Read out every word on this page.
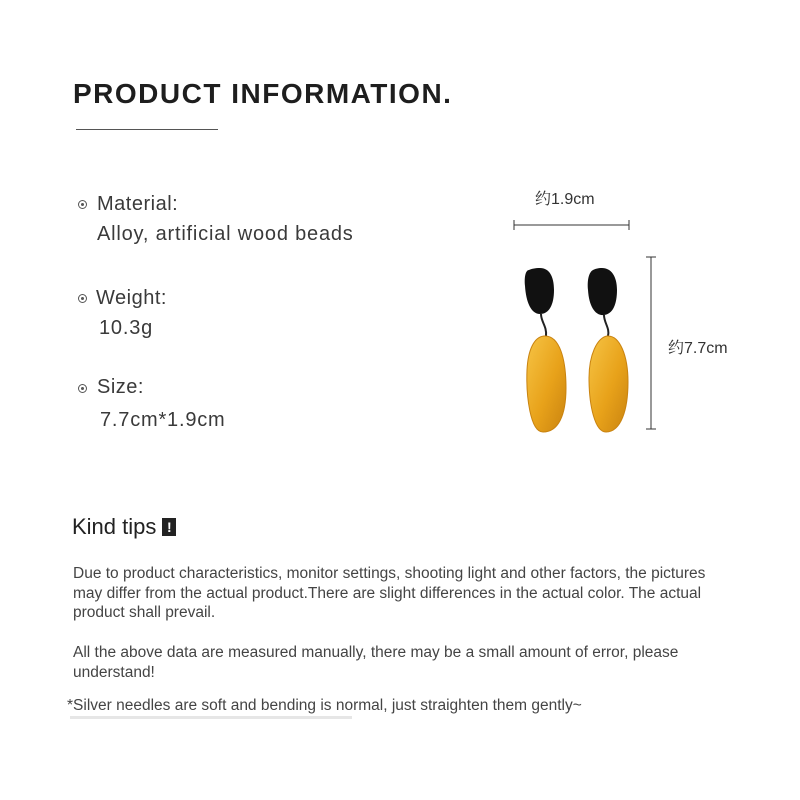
PRODUCT INFORMATION.
Material:
Alloy, artificial wood beads
Weight:
10.3g
Size:
7.7cm*1.9cm
约1.9cm
约7.7cm
Kind tips !
Due to product characteristics, monitor settings, shooting light and other factors, the pictures may differ from the actual product.There are slight differences in the actual color. The actual product shall prevail.
All the above data are measured manually, there may be a small amount of error, please understand!
*Silver needles are soft and bending is normal, just straighten them gently~
